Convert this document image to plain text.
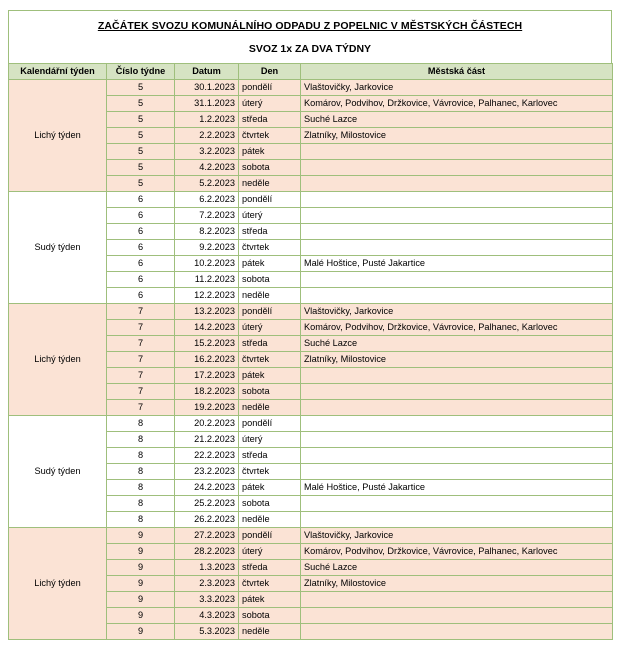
ZAČÁTEK SVOZU KOMUNÁLNÍHO ODPADU Z POPELNIC V MĚSTSKÝCH ČÁSTECH
SVOZ 1x ZA DVA TÝDNY
Kalendářní týden	Číslo týdne	Datum	Den	Městská část
Lichý týden	5	30.1.2023	pondělí	Vlaštovičky, Jarkovice
	5	31.1.2023	úterý	Komárov, Podvihov, Držkovice, Vávrovice, Palhanec, Karlovec
	5	1.2.2023	středa	Suché Lazce
	5	2.2.2023	čtvrtek	Zlatníky, Milostovice
	5	3.2.2023	pátek	
	5	4.2.2023	sobota	
	5	5.2.2023	neděle	
Sudý týden	6	6.2.2023	pondělí	
	6	7.2.2023	úterý	
	6	8.2.2023	středa	
	6	9.2.2023	čtvrtek	
	6	10.2.2023	pátek	Malé Hoštice, Pusté Jakartice
	6	11.2.2023	sobota	
	6	12.2.2023	neděle	
Lichý týden	7	13.2.2023	pondělí	Vlaštovičky, Jarkovice
	7	14.2.2023	úterý	Komárov, Podvihov, Držkovice, Vávrovice, Palhanec, Karlovec
	7	15.2.2023	středa	Suché Lazce
	7	16.2.2023	čtvrtek	Zlatníky, Milostovice
	7	17.2.2023	pátek	
	7	18.2.2023	sobota	
	7	19.2.2023	neděle	
Sudý týden	8	20.2.2023	pondělí	
	8	21.2.2023	úterý	
	8	22.2.2023	středa	
	8	23.2.2023	čtvrtek	
	8	24.2.2023	pátek	Malé Hoštice, Pusté Jakartice
	8	25.2.2023	sobota	
	8	26.2.2023	neděle	
Lichý týden	9	27.2.2023	pondělí	Vlaštovičky, Jarkovice
	9	28.2.2023	úterý	Komárov, Podvihov, Držkovice, Vávrovice, Palhanec, Karlovec
	9	1.3.2023	středa	Suché Lazce
	9	2.3.2023	čtvrtek	Zlatníky, Milostovice
	9	3.3.2023	pátek	
	9	4.3.2023	sobota	
	9	5.3.2023	neděle	
